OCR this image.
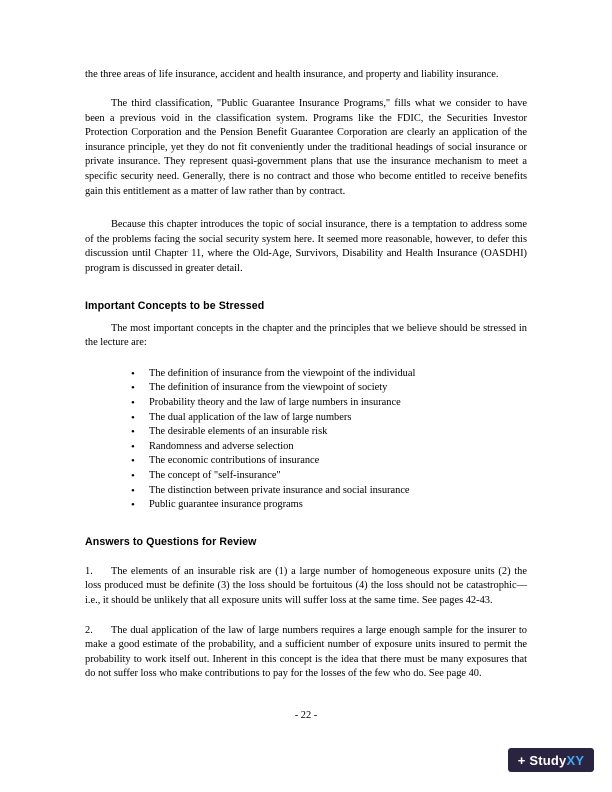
the three areas of life insurance, accident and health insurance, and property and liability insurance.

The third classification, "Public Guarantee Insurance Programs," fills what we consider to have been a previous void in the classification system. Programs like the FDIC, the Securities Investor Protection Corporation and the Pension Benefit Guarantee Corporation are clearly an application of the insurance principle, yet they do not fit conveniently under the traditional headings of social insurance or private insurance. They represent quasi-government plans that use the insurance mechanism to meet a specific security need. Generally, there is no contract and those who become entitled to receive benefits gain this entitlement as a matter of law rather than by contract.

Because this chapter introduces the topic of social insurance, there is a temptation to address some of the problems facing the social security system here. It seemed more reasonable, however, to defer this discussion until Chapter 11, where the Old-Age, Survivors, Disability and Health Insurance (OASDHI) program is discussed in greater detail.

Important Concepts to be Stressed

The most important concepts in the chapter and the principles that we believe should be stressed in the lecture are:

•	The definition of insurance from the viewpoint of the individual
•	The definition of insurance from the viewpoint of society
•	Probability theory and the law of large numbers in insurance
•	The dual application of the law of large numbers
•	The desirable elements of an insurable risk
•	Randomness and adverse selection
•	The economic contributions of insurance
•	The concept of "self-insurance"
•	The distinction between private insurance and social insurance
•	Public guarantee insurance programs
Answers to Questions for Review

1. The elements of an insurable risk are (1) a large number of homogeneous exposure units (2) the loss produced must be definite (3) the loss should be fortuitous (4) the loss should not be catastrophic—i.e., it should be unlikely that all exposure units will suffer loss at the same time. See pages 42-43.

2. The dual application of the law of large numbers requires a large enough sample for the insurer to make a good estimate of the probability, and a sufficient number of exposure units insured to permit the probability to work itself out. Inherent in this concept is the idea that there must be many exposures that do not suffer loss who make contributions to pay for the losses of the few who do. See page 40.

- 22 -
+ StudyXY
